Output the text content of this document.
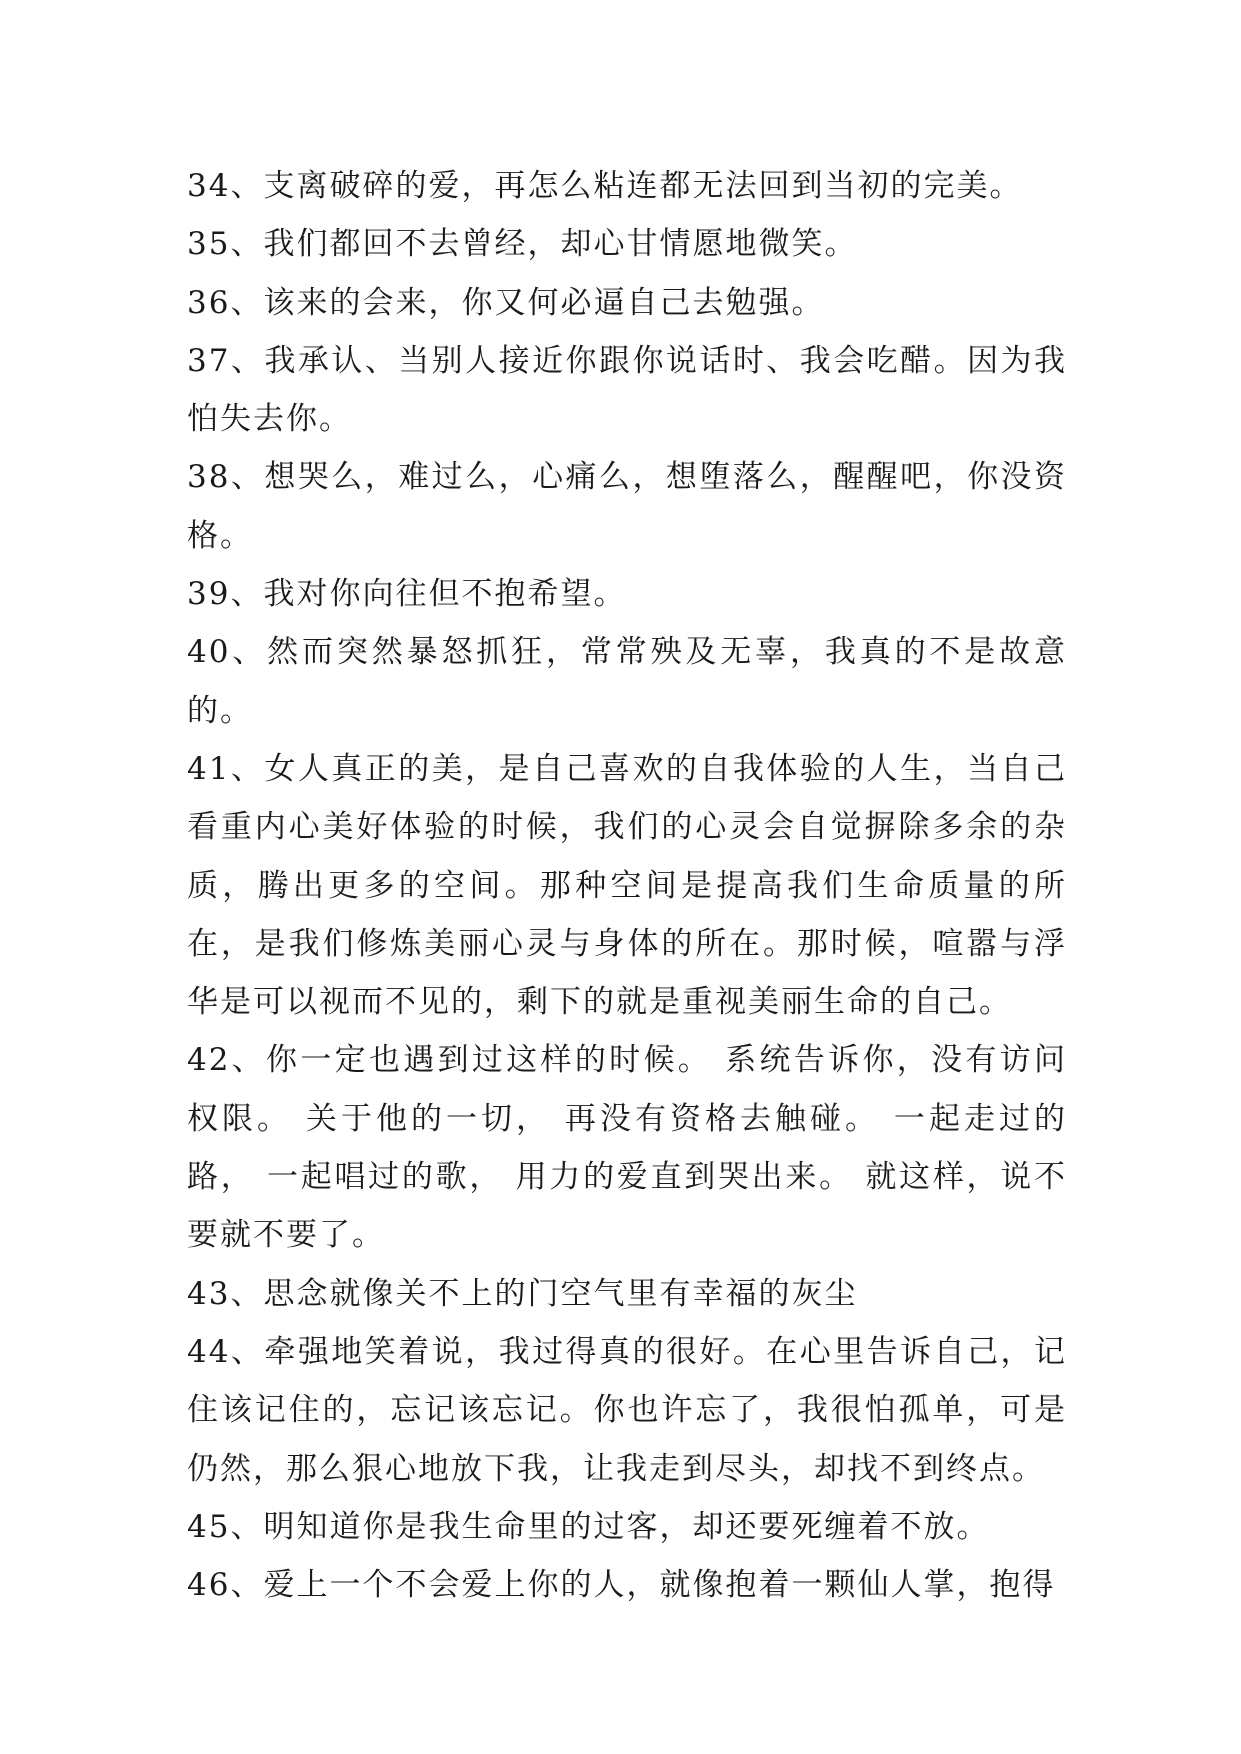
34、支离破碎的爱，再怎么粘连都无法回到当初的完美。

35、我们都回不去曾经，却心甘情愿地微笑。

36、该来的会来，你又何必逼自己去勉强。

37、我承认、当别人接近你跟你说话时、我会吃醋。因为我怕失去你。

38、想哭么，难过么，心痛么，想堕落么，醒醒吧，你没资格。

39、我对你向往但不抱希望。

40、然而突然暴怒抓狂，常常殃及无辜，我真的不是故意的。

41、女人真正的美，是自己喜欢的自我体验的人生，当自己看重内心美好体验的时候，我们的心灵会自觉摒除多余的杂质，腾出更多的空间。那种空间是提高我们生命质量的所在，是我们修炼美丽心灵与身体的所在。那时候，喧嚣与浮华是可以视而不见的，剩下的就是重视美丽生命的自己。

42、你一定也遇到过这样的时候。 系统告诉你，没有访问权限。 关于他的一切， 再没有资格去触碰。 一起走过的路， 一起唱过的歌， 用力的爱直到哭出来。 就这样，说不要就不要了。

43、思念就像关不上的门空气里有幸福的灰尘

44、牵强地笑着说，我过得真的很好。在心里告诉自己，记住该记住的，忘记该忘记。你也许忘了，我很怕孤单，可是仍然，那么狠心地放下我，让我走到尽头，却找不到终点。

45、明知道你是我生命里的过客，却还要死缠着不放。

46、爱上一个不会爱上你的人，就像抱着一颗仙人掌，抱得
